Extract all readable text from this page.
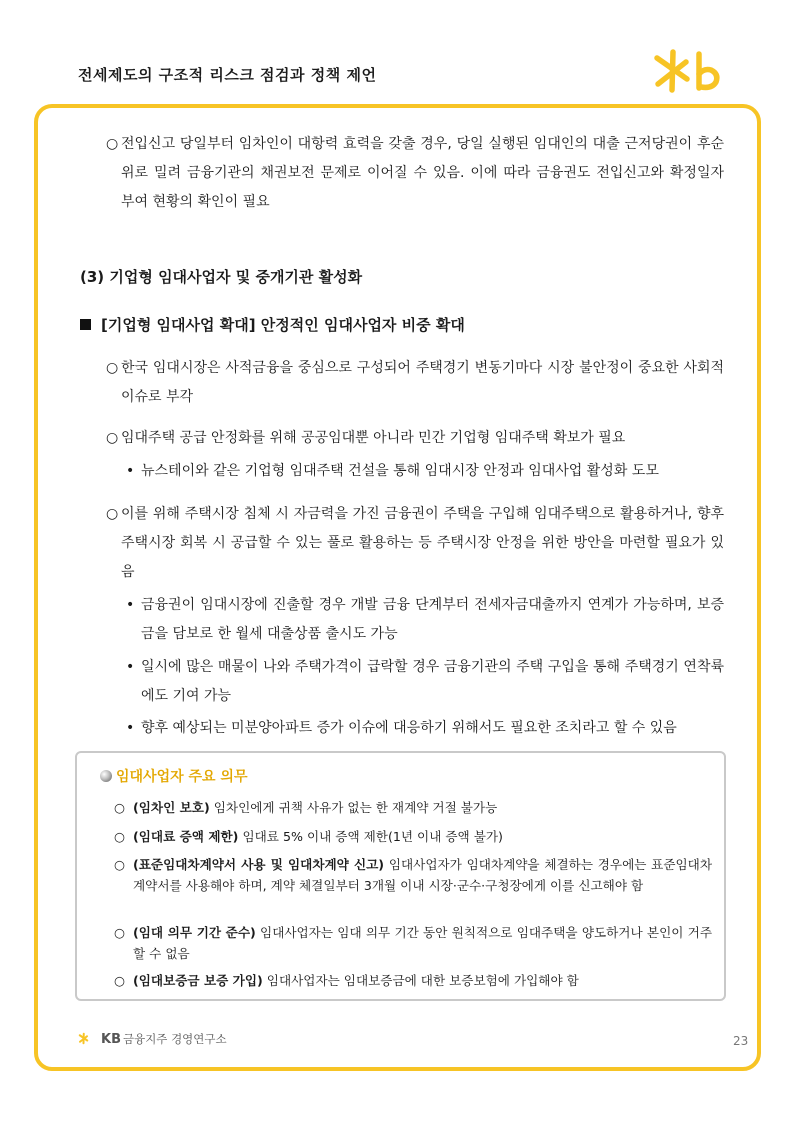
전세제도의 구조적 리스크 점검과 정책 제언
○ 전입신고 당일부터 임차인이 대항력 효력을 갖출 경우, 당일 실행된 임대인의 대출 근저당권이 후순위로 밀려 금융기관의 채권보전 문제로 이어질 수 있음. 이에 따라 금융권도 전입신고와 확정일자 부여 현황의 확인이 필요
(3) 기업형 임대사업자 및 중개기관 활성화
[기업형 임대사업 확대] 안정적인 임대사업자 비중 확대
○ 한국 임대시장은 사적금융을 중심으로 구성되어 주택경기 변동기마다 시장 불안정이 중요한 사회적 이슈로 부각
○ 임대주택 공급 안정화를 위해 공공임대뿐 아니라 민간 기업형 임대주택 확보가 필요
• 뉴스테이와 같은 기업형 임대주택 건설을 통해 임대시장 안정과 임대사업 활성화 도모
○ 이를 위해 주택시장 침체 시 자금력을 가진 금융권이 주택을 구입해 임대주택으로 활용하거나, 향후 주택시장 회복 시 공급할 수 있는 풀로 활용하는 등 주택시장 안정을 위한 방안을 마련할 필요가 있음
• 금융권이 임대시장에 진출할 경우 개발 금융 단계부터 전세자금대출까지 연계가 가능하며, 보증금을 담보로 한 월세 대출상품 출시도 가능
• 일시에 많은 매물이 나와 주택가격이 급락할 경우 금융기관의 주택 구입을 통해 주택경기 연착륙에도 기여 가능
• 향후 예상되는 미분양아파트 증가 이슈에 대응하기 위해서도 필요한 조치라고 할 수 있음
임대사업자 주요 의무
○ (임차인 보호) 임차인에게 귀책 사유가 없는 한 재계약 거절 불가능
○ (임대료 증액 제한) 임대료 5% 이내 증액 제한(1년 이내 증액 불가)
○ (표준임대차계약서 사용 및 임대차계약 신고) 임대사업자가 임대차계약을 체결하는 경우에는 표준임대차계약서를 사용해야 하며, 계약 체결일부터 3개월 이내 시장·군수·구청장에게 이를 신고해야 함
○ (임대 의무 기간 준수) 임대사업자는 임대 의무 기간 동안 원칙적으로 임대주택을 양도하거나 본인이 거주할 수 없음
○ (임대보증금 보증 가입) 임대사업자는 임대보증금에 대한 보증보험에 가입해야 함
KB 금융지주 경영연구소	23
